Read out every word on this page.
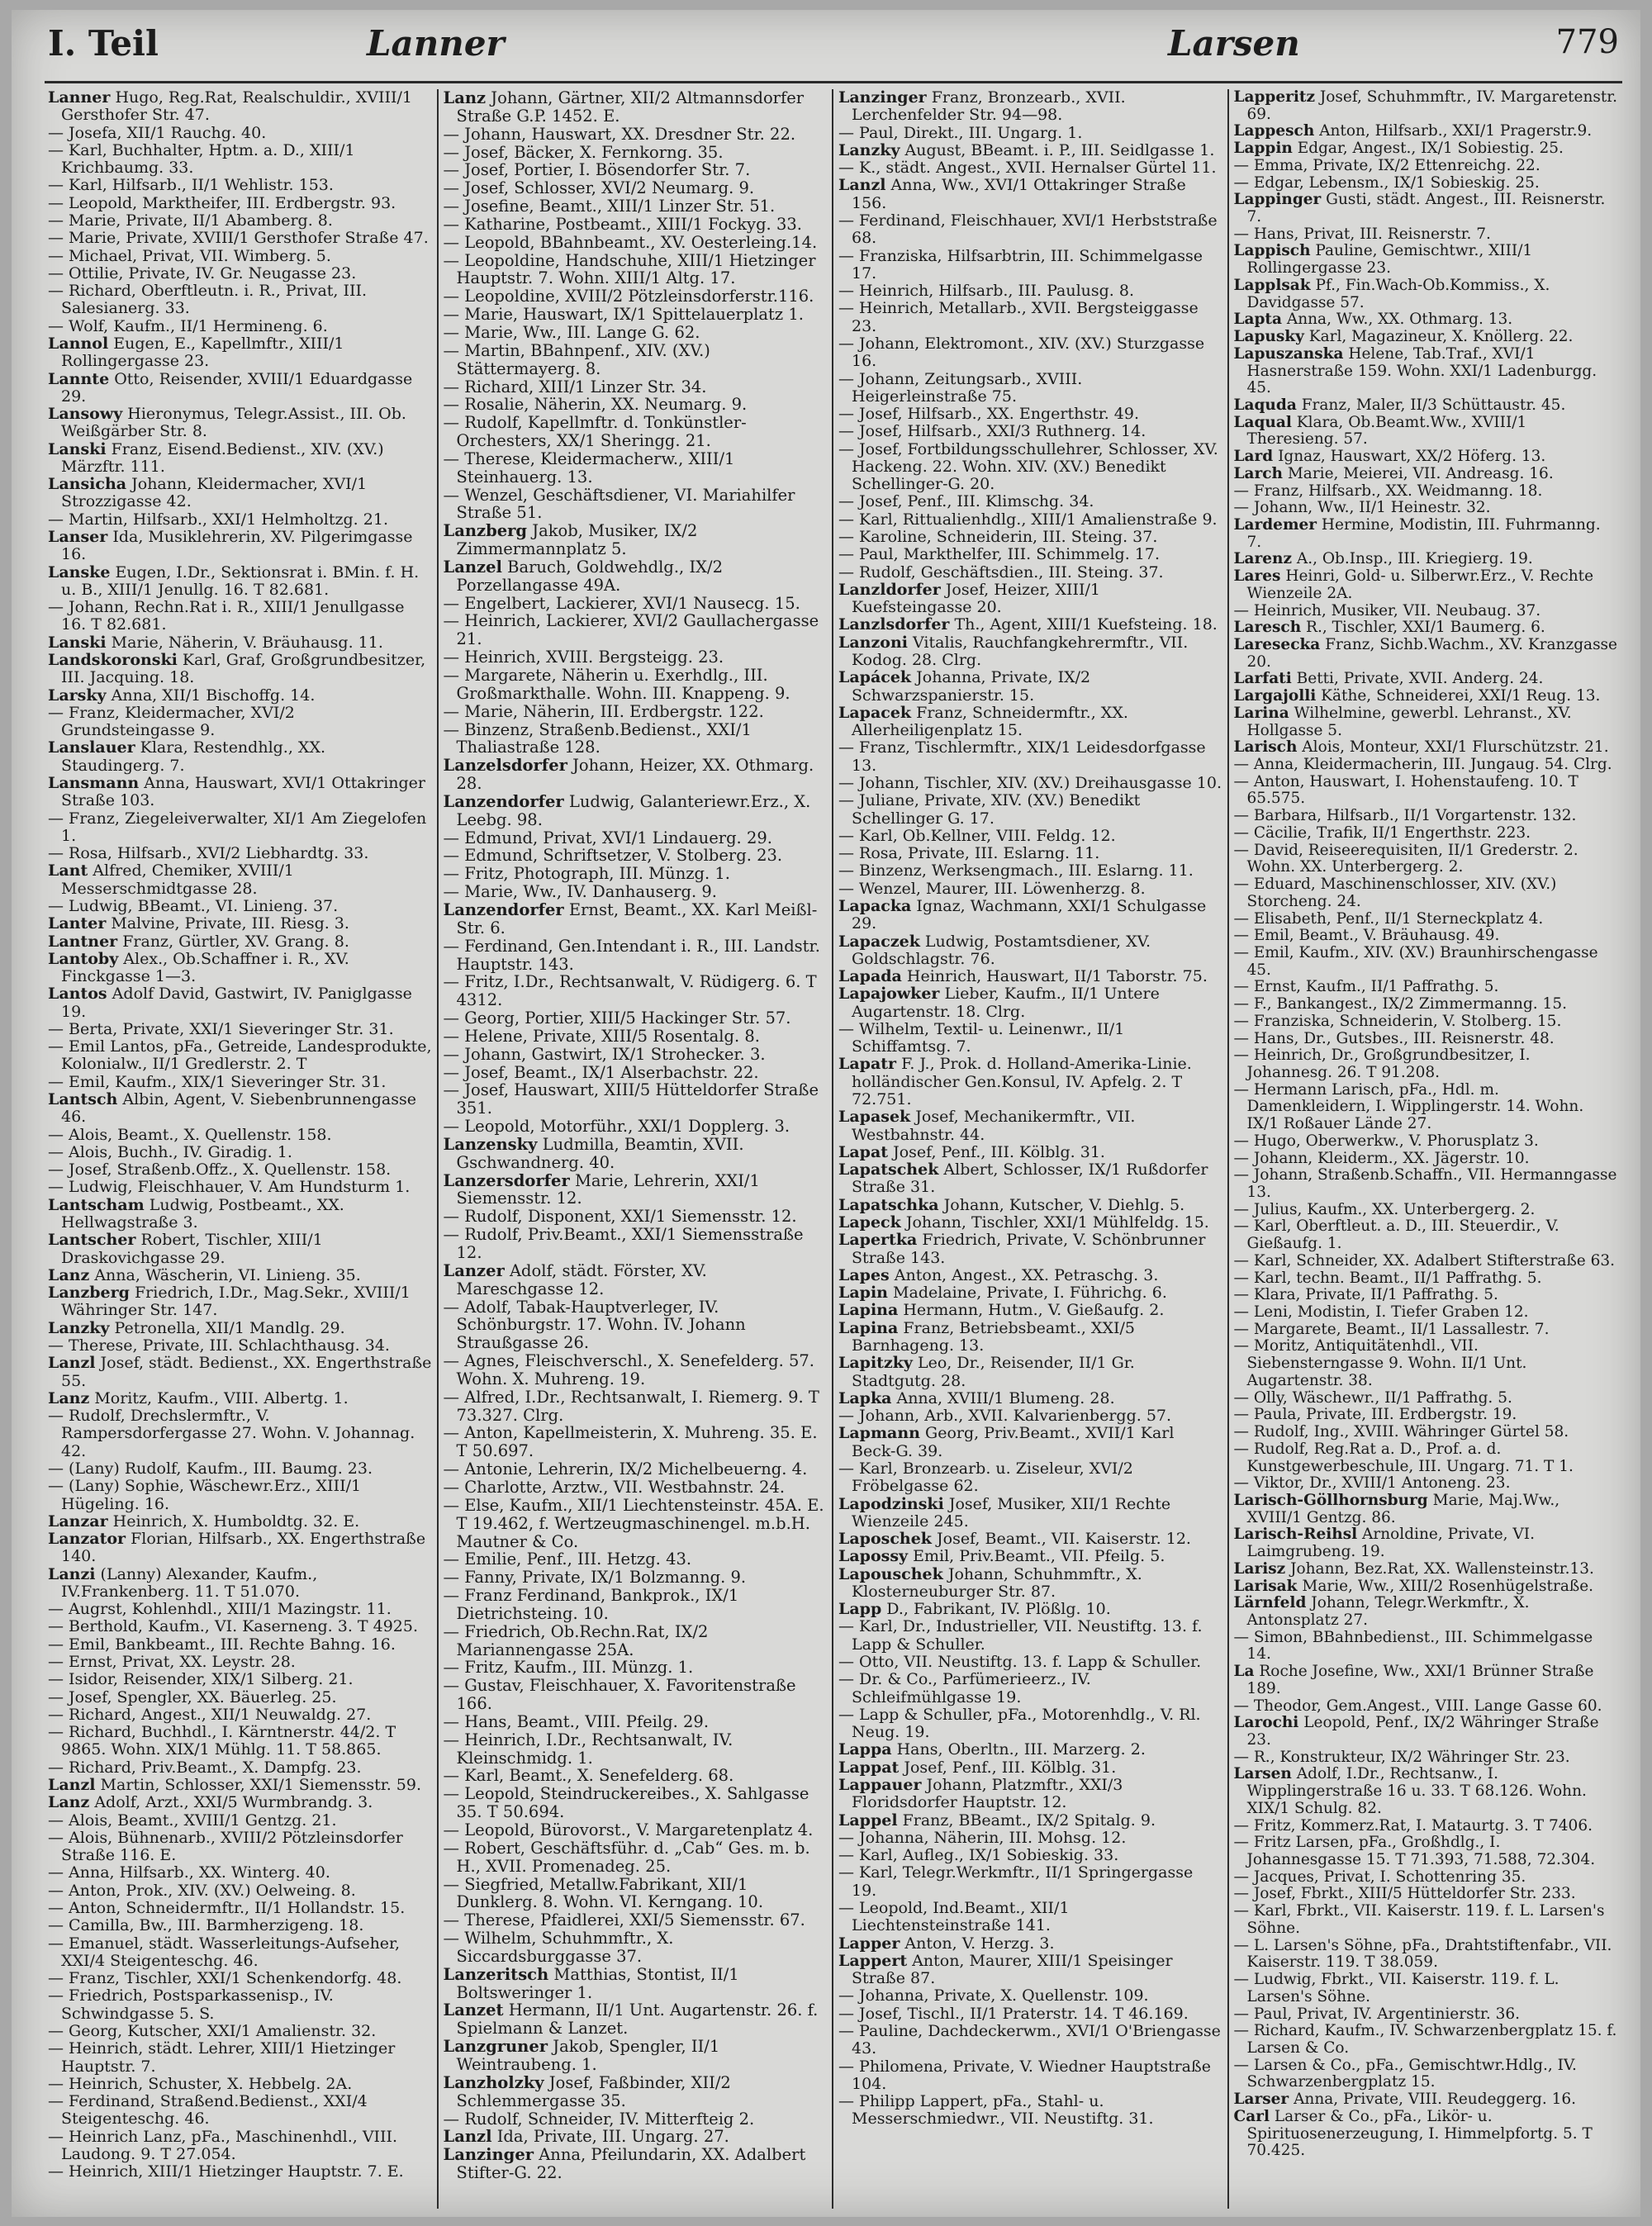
I. Teil	Lanner	Larsen	779

Lanner Hugo, Reg.Rat, Realschuldir., XVIII/1 Gersthofer Str. 47.

— Josefa, XII/1 Rauchg. 40.

— Karl, Buchhalter, Hptm. a. D., XIII/1 Krichbaumg. 33.

— Karl, Hilfsarb., II/1 Wehlistr. 153.

— Leopold, Marktheifer, III. Erdbergstr. 93.

— Marie, Private, II/1 Abamberg. 8.

— Marie, Private, XVIII/1 Gersthofer Straße 47.

— Michael, Privat, VII. Wimberg. 5.

— Ottilie, Private, IV. Gr. Neugasse 23.

— Richard, Oberftleutn. i. R., Privat, III. Salesianerg. 33.

— Wolf, Kaufm., II/1 Hermineng. 6.

Lannol Eugen, E., Kapellmftr., XIII/1 Rollingergasse 23.

Lannte Otto, Reisender, XVIII/1 Eduardgasse 29.

Lansowy Hieronymus, Telegr.Assist., III. Ob. Weißgärber Str. 8.

Lanski Franz, Eisend.Bedienst., XIV. (XV.) Märzftr. 111.

Lansicha Johann, Kleidermacher, XVI/1 Strozzigasse 42.

— Martin, Hilfsarb., XXI/1 Helmholtzg. 21.

Lanser Ida, Musiklehrerin, XV. Pilgerimgasse 16.

Lanske Eugen, I.Dr., Sektionsrat i. BMin. f. H. u. B., XIII/1 Jenullg. 16. T 82.681.

— Johann, Rechn.Rat i. R., XIII/1 Jenullgasse 16. T 82.681.

Lanski Marie, Näherin, V. Bräuhausg. 11.

Landskoronski Karl, Graf, Großgrundbesitzer, III. Jacquing. 18.

Larsky Anna, XII/1 Bischoffg. 14.

— Franz, Kleidermacher, XVI/2 Grundsteingasse 9.

Lanslauer Klara, Restendhlg., XX. Staudingerg. 7.

Lansmann Anna, Hauswart, XVI/1 Ottakringer Straße 103.

— Franz, Ziegeleiverwalter, XI/1 Am Ziegelofen 1.

— Rosa, Hilfsarb., XVI/2 Liebhardtg. 33.

Lant Alfred, Chemiker, XVIII/1 Messerschmidtgasse 28.

— Ludwig, BBeamt., VI. Linieng. 37.

Lanter Malvine, Private, III. Riesg. 3.

Lantner Franz, Gürtler, XV. Grang. 8.

Lantoby Alex., Ob.Schaffner i. R., XV. Finckgasse 1—3.

Lantos Adolf David, Gastwirt, IV. Paniglgasse 19.

— Berta, Private, XXI/1 Sieveringer Str. 31.

— Emil Lantos, pFa., Getreide, Landesprodukte, Kolonialw., II/1 Gredlerstr. 2. T

— Emil, Kaufm., XIX/1 Sieveringer Str. 31.

Lantsch Albin, Agent, V. Siebenbrunnengasse 46.

— Alois, Beamt., X. Quellenstr. 158.

— Alois, Buchh., IV. Giradig. 1.

— Josef, Straßenb.Offz., X. Quellenstr. 158.

— Ludwig, Fleischhauer, V. Am Hundsturm 1.

Lantscham Ludwig, Postbeamt., XX. Hellwagstraße 3.

Lantscher Robert, Tischler, XIII/1 Draskovichgasse 29.

Lanz Anna, Wäscherin, VI. Linieng. 35.

Lanzberg Friedrich, I.Dr., Mag.Sekr., XVIII/1 Währinger Str. 147.

Lanzky Petronella, XII/1 Mandlg. 29.

— Therese, Private, III. Schlachthausg. 34.

Lanzl Josef, städt. Bedienst., XX. Engerthstraße 55.

Lanz Moritz, Kaufm., VIII. Albertg. 1.

— Rudolf, Drechslermftr., V. Rampersdorfergasse 27. Wohn. V. Johannag. 42.

— (Lany) Rudolf, Kaufm., III. Baumg. 23.

— (Lany) Sophie, Wäschewr.Erz., XIII/1 Hügeling. 16.

Lanzar Heinrich, X. Humboldtg. 32. E.

Lanzator Florian, Hilfsarb., XX. Engerthstraße 140.

Lanzi (Lanny) Alexander, Kaufm., IV.Frankenberg. 11. T 51.070.

— Augrst, Kohlenhdl., XIII/1 Mazingstr. 11.

— Berthold, Kaufm., VI. Kaserneng. 3. T 4925.

— Emil, Bankbeamt., III. Rechte Bahng. 16.

— Ernst, Privat, XX. Leystr. 28.

— Isidor, Reisender, XIX/1 Silberg. 21.

— Josef, Spengler, XX. Bäuerleg. 25.

— Richard, Angest., XII/1 Neuwaldg. 27.

— Richard, Buchhdl., I. Kärntnerstr. 44/2. T 9865. Wohn. XIX/1 Mühlg. 11. T 58.865.

— Richard, Priv.Beamt., X. Dampfg. 23.

Lanzl Martin, Schlosser, XXI/1 Siemensstr. 59.

Lanz Adolf, Arzt., XXI/5 Wurmbrandg. 3.

— Alois, Beamt., XVIII/1 Gentzg. 21.

— Alois, Bühnenarb., XVIII/2 Pötzleinsdorfer Straße 116. E.

— Anna, Hilfsarb., XX. Winterg. 40.

— Anton, Prok., XIV. (XV.) Oelweing. 8.

— Anton, Schneidermftr., II/1 Hollandstr. 15.

— Camilla, Bw., III. Barmherzigeng. 18.

— Emanuel, städt. Wasserleitungs-Aufseher, XXI/4 Steigenteschg. 46.

— Franz, Tischler, XXI/1 Schenkendorfg. 48.

— Friedrich, Postsparkassenisp., IV. Schwindgasse 5. S.

— Georg, Kutscher, XXI/1 Amalienstr. 32.

— Heinrich, städt. Lehrer, XIII/1 Hietzinger Hauptstr. 7.

— Heinrich, Schuster, X. Hebbelg. 2A.

— Ferdinand, Straßend.Bedienst., XXI/4 Steigenteschg. 46.

— Heinrich Lanz, pFa., Maschinenhdl., VIII. Laudong. 9. T 27.054.

— Heinrich, XIII/1 Hietzinger Hauptstr. 7. E.

Lanz Johann, Gärtner, XII/2 Altmannsdorfer Straße G.P. 1452. E.

— Johann, Hauswart, XX. Dresdner Str. 22.

— Josef, Bäcker, X. Fernkorng. 35.

— Josef, Portier, I. Bösendorfer Str. 7.

— Josef, Schlosser, XVI/2 Neumarg. 9.

— Josefine, Beamt., XIII/1 Linzer Str. 51.

— Katharine, Postbeamt., XIII/1 Fockyg. 33.

— Leopold, BBahnbeamt., XV. Oesterleing.14.

— Leopoldine, Handschuhe, XIII/1 Hietzinger Hauptstr. 7. Wohn. XIII/1 Altg. 17.

— Leopoldine, XVIII/2 Pötzleinsdorferstr.116.

— Marie, Hauswart, IX/1 Spittelauerplatz 1.

— Marie, Ww., III. Lange G. 62.

— Martin, BBahnpenf., XIV. (XV.) Stättermayerg. 8.

— Richard, XIII/1 Linzer Str. 34.

— Rosalie, Näherin, XX. Neumarg. 9.

— Rudolf, Kapellmftr. d. Tonkünstler-Orchesters, XX/1 Sheringg. 21.

— Therese, Kleidermacherw., XIII/1 Steinhauerg. 13.

— Wenzel, Geschäftsdiener, VI. Mariahilfer Straße 51.

Lanzberg Jakob, Musiker, IX/2 Zimmermannplatz 5.

Lanzel Baruch, Goldwehdlg., IX/2 Porzellangasse 49A.

— Engelbert, Lackierer, XVI/1 Nausecg. 15.

— Heinrich, Lackierer, XVI/2 Gaullachergasse 21.

— Heinrich, XVIII. Bergsteigg. 23.

— Margarete, Näherin u. Exerhdlg., III. Großmarkthalle. Wohn. III. Knappeng. 9.

— Marie, Näherin, III. Erdbergstr. 122.

— Binzenz, Straßenb.Bedienst., XXI/1 Thaliastraße 128.

Lanzelsdorfer Johann, Heizer, XX. Othmarg. 28.

Lanzendorfer Ludwig, Galanteriewr.Erz., X. Leebg. 98.

— Edmund, Privat, XVI/1 Lindauerg. 29.

— Edmund, Schriftsetzer, V. Stolberg. 23.

— Fritz, Photograph, III. Münzg. 1.

— Marie, Ww., IV. Danhauserg. 9.

Lanzendorfer Ernst, Beamt., XX. Karl Meißl-Str. 6.

— Ferdinand, Gen.Intendant i. R., III. Landstr. Hauptstr. 143.

— Fritz, I.Dr., Rechtsanwalt, V. Rüdigerg. 6. T 4312.

— Georg, Portier, XIII/5 Hackinger Str. 57.

— Helene, Private, XIII/5 Rosentalg. 8.

— Johann, Gastwirt, IX/1 Strohecker. 3.

— Josef, Beamt., IX/1 Alserbachstr. 22.

— Josef, Hauswart, XIII/5 Hütteldorfer Straße 351.

— Leopold, Motorführ., XXI/1 Dopplerg. 3.

Lanzensky Ludmilla, Beamtin, XVII. Gschwandnerg. 40.

Lanzersdorfer Marie, Lehrerin, XXI/1 Siemensstr. 12.

— Rudolf, Disponent, XXI/1 Siemensstr. 12.

— Rudolf, Priv.Beamt., XXI/1 Siemensstraße 12.

Lanzer Adolf, städt. Förster, XV. Mareschgasse 12.

— Adolf, Tabak-Hauptverleger, IV. Schönburgstr. 17. Wohn. IV. Johann Straußgasse 26.

— Agnes, Fleischverschl., X. Senefelderg. 57. Wohn. X. Muhreng. 19.

— Alfred, I.Dr., Rechtsanwalt, I. Riemerg. 9. T 73.327. Clrg.

— Anton, Kapellmeisterin, X. Muhreng. 35. E. T 50.697.

— Antonie, Lehrerin, IX/2 Michelbeuerng. 4.

— Charlotte, Arztw., VII. Westbahnstr. 24.

— Else, Kaufm., XII/1 Liechtensteinstr. 45A. E. T 19.462, f. Wertzeugmaschinengel. m.b.H. Mautner & Co.

— Emilie, Penf., III. Hetzg. 43.

— Fanny, Private, IX/1 Bolzmanng. 9.

— Franz Ferdinand, Bankprok., IX/1 Dietrichsteing. 10.

— Friedrich, Ob.Rechn.Rat, IX/2 Mariannengasse 25A.

— Fritz, Kaufm., III. Münzg. 1.

— Gustav, Fleischhauer, X. Favoritenstraße 166.

— Hans, Beamt., VIII. Pfeilg. 29.

— Heinrich, I.Dr., Rechtsanwalt, IV. Kleinschmidg. 1.

— Karl, Beamt., X. Senefelderg. 68.

— Leopold, Steindruckereibes., X. Sahlgasse 35. T 50.694.

— Leopold, Bürovorst., V. Margaretenplatz 4.

— Robert, Geschäftsführ. d. „Cab“ Ges. m. b. H., XVII. Promenadeg. 25.

— Siegfried, Metallw.Fabrikant, XII/1 Dunklerg. 8. Wohn. VI. Kerngang. 10.

— Therese, Pfaidlerei, XXI/5 Siemensstr. 67.

— Wilhelm, Schuhmmftr., X. Siccardsburggasse 37.

Lanzeritsch Matthias, Stontist, II/1 Boltsweringer 1.

Lanzet Hermann, II/1 Unt. Augartenstr. 26. f. Spielmann & Lanzet.

Lanzgruner Jakob, Spengler, II/1 Weintraubeng. 1.

Lanzholzky Josef, Faßbinder, XII/2 Schlemmergasse 35.

— Rudolf, Schneider, IV. Mitterfteig 2.

Lanzl Ida, Private, III. Ungarg. 27.

Lanzinger Anna, Pfeilundarin, XX. Adalbert Stifter-G. 22.

Lanzinger Franz, Bronzearb., XVII. Lerchenfelder Str. 94—98.

— Paul, Direkt., III. Ungarg. 1.

Lanzky August, BBeamt. i. P., III. Seidlgasse 1.

— K., städt. Angest., XVII. Hernalser Gürtel 11.

Lanzl Anna, Ww., XVI/1 Ottakringer Straße 156.

— Ferdinand, Fleischhauer, XVI/1 Herbststraße 68.

— Franziska, Hilfsarbtrin, III. Schimmelgasse 17.

— Heinrich, Hilfsarb., III. Paulusg. 8.

— Heinrich, Metallarb., XVII. Bergsteiggasse 23.

— Johann, Elektromont., XIV. (XV.) Sturzgasse 16.

— Johann, Zeitungsarb., XVIII. Heigerleinstraße 75.

— Josef, Hilfsarb., XX. Engerthstr. 49.

— Josef, Hilfsarb., XXI/3 Ruthnerg. 14.

— Josef, Fortbildungsschullehrer, Schlosser, XV. Hackeng. 22. Wohn. XIV. (XV.) Benedikt Schellinger-G. 20.

— Josef, Penf., III. Klimschg. 34.

— Karl, Rittualienhdlg., XIII/1 Amalienstraße 9.

— Karoline, Schneiderin, III. Steing. 37.

— Paul, Markthelfer, III. Schimmelg. 17.

— Rudolf, Geschäftsdien., III. Steing. 37.

Lanzldorfer Josef, Heizer, XIII/1 Kuefsteingasse 20.

Lanzlsdorfer Th., Agent, XIII/1 Kuefsteing. 18.

Lanzoni Vitalis, Rauchfangkehrermftr., VII. Kodog. 28. Clrg.

Lapácek Johanna, Private, IX/2 Schwarzspanierstr. 15.

Lapacek Franz, Schneidermftr., XX. Allerheiligenplatz 15.

— Franz, Tischlermftr., XIX/1 Leidesdorfgasse 13.

— Johann, Tischler, XIV. (XV.) Dreihausgasse 10.

— Juliane, Private, XIV. (XV.) Benedikt Schellinger G. 17.

— Karl, Ob.Kellner, VIII. Feldg. 12.

— Rosa, Private, III. Eslarng. 11.

— Binzenz, Werksengmach., III. Eslarng. 11.

— Wenzel, Maurer, III. Löwenherzg. 8.

Lapacka Ignaz, Wachmann, XXI/1 Schulgasse 29.

Lapaczek Ludwig, Postamtsdiener, XV. Goldschlagstr. 76.

Lapada Heinrich, Hauswart, II/1 Taborstr. 75.

Lapajowker Lieber, Kaufm., II/1 Untere Augartenstr. 18. Clrg.

— Wilhelm, Textil- u. Leinenwr., II/1 Schiffamtsg. 7.

Lapatr F. J., Prok. d. Holland-Amerika-Linie. holländischer Gen.Konsul, IV. Apfelg. 2. T 72.751.

Lapasek Josef, Mechanikermftr., VII. Westbahnstr. 44.

Lapat Josef, Penf., III. Kölblg. 31.

Lapatschek Albert, Schlosser, IX/1 Rußdorfer Straße 31.

Lapatschka Johann, Kutscher, V. Diehlg. 5.

Lapeck Johann, Tischler, XXI/1 Mühlfeldg. 15.

Lapertka Friedrich, Private, V. Schönbrunner Straße 143.

Lapes Anton, Angest., XX. Petraschg. 3.

Lapin Madelaine, Private, I. Führichg. 6.

Lapina Hermann, Hutm., V. Gießaufg. 2.

Lapina Franz, Betriebsbeamt., XXI/5 Barnhageng. 13.

Lapitzky Leo, Dr., Reisender, II/1 Gr. Stadtgutg. 28.

Lapka Anna, XVIII/1 Blumeng. 28.

— Johann, Arb., XVII. Kalvarienbergg. 57.

Lapmann Georg, Priv.Beamt., XVII/1 Karl Beck-G. 39.

— Karl, Bronzearb. u. Ziseleur, XVI/2 Fröbelgasse 62.

Lapodzinski Josef, Musiker, XII/1 Rechte Wienzeile 245.

Laposchek Josef, Beamt., VII. Kaiserstr. 12.

Lapossy Emil, Priv.Beamt., VII. Pfeilg. 5.

Lapouschek Johann, Schuhmmftr., X. Klosterneuburger Str. 87.

Lapp D., Fabrikant, IV. Plößlg. 10.

— Karl, Dr., Industrieller, VII. Neustiftg. 13. f. Lapp & Schuller.

— Otto, VII. Neustiftg. 13. f. Lapp & Schuller.

— Dr. & Co., Parfümerieerz., IV. Schleifmühlgasse 19.

— Lapp & Schuller, pFa., Motorenhdlg., V. Rl. Neug. 19.

Lappa Hans, Oberltn., III. Marzerg. 2.

Lappat Josef, Penf., III. Kölblg. 31.

Lappauer Johann, Platzmftr., XXI/3 Floridsdorfer Hauptstr. 12.

Lappel Franz, BBeamt., IX/2 Spitalg. 9.

— Johanna, Näherin, III. Mohsg. 12.

— Karl, Aufleg., IX/1 Sobieskig. 33.

— Karl, Telegr.Werkmftr., II/1 Springergasse 19.

— Leopold, Ind.Beamt., XII/1 Liechtensteinstraße 141.

Lapper Anton, V. Herzg. 3.

Lappert Anton, Maurer, XIII/1 Speisinger Straße 87.

— Johanna, Private, X. Quellenstr. 109.

— Josef, Tischl., II/1 Praterstr. 14. T 46.169.

— Pauline, Dachdeckerwm., XVI/1 O'Briengasse 43.

— Philomena, Private, V. Wiedner Hauptstraße 104.

— Philipp Lappert, pFa., Stahl- u. Messerschmiedwr., VII. Neustiftg. 31.

Lapperitz Josef, Schuhmmftr., IV. Margaretenstr. 69.

Lappesch Anton, Hilfsarb., XXI/1 Pragerstr.9.

Lappin Edgar, Angest., IX/1 Sobiestig. 25.

— Emma, Private, IX/2 Ettenreichg. 22.

— Edgar, Lebensm., IX/1 Sobieskig. 25.

Lappinger Gusti, städt. Angest., III. Reisnerstr. 7.

— Hans, Privat, III. Reisnerstr. 7.

Lappisch Pauline, Gemischtwr., XIII/1 Rollingergasse 23.

Lapplsak Pf., Fin.Wach-Ob.Kommiss., X. Davidgasse 57.

Lapta Anna, Ww., XX. Othmarg. 13.

Lapusky Karl, Magazineur, X. Knöllerg. 22.

Lapuszanska Helene, Tab.Traf., XVI/1 Hasnerstraße 159. Wohn. XXI/1 Ladenburgg. 45.

Laquda Franz, Maler, II/3 Schüttaustr. 45.

Laqual Klara, Ob.Beamt.Ww., XVIII/1 Theresieng. 57.

Lard Ignaz, Hauswart, XX/2 Höferg. 13.

Larch Marie, Meierei, VII. Andreasg. 16.

— Franz, Hilfsarb., XX. Weidmanng. 18.

— Johann, Ww., II/1 Heinestr. 32.

Lardemer Hermine, Modistin, III. Fuhrmanng. 7.

Larenz A., Ob.Insp., III. Kriegierg. 19.

Lares Heinri, Gold- u. Silberwr.Erz., V. Rechte Wienzeile 2A.

— Heinrich, Musiker, VII. Neubaug. 37.

Laresch R., Tischler, XXI/1 Baumerg. 6.

Laresecka Franz, Sichb.Wachm., XV. Kranzgasse 20.

Larfati Betti, Private, XVII. Anderg. 24.

Largajolli Käthe, Schneiderei, XXI/1 Reug. 13.

Larina Wilhelmine, gewerbl. Lehranst., XV. Hollgasse 5.

Larisch Alois, Monteur, XXI/1 Flurschützstr. 21.

— Anna, Kleidermacherin, III. Jungaug. 54. Clrg.

— Anton, Hauswart, I. Hohenstaufeng. 10. T 65.575.

— Barbara, Hilfsarb., II/1 Vorgartenstr. 132.

— Cäcilie, Trafik, II/1 Engerthstr. 223.

— David, Reiseerequisiten, II/1 Grederstr. 2. Wohn. XX. Unterbergerg. 2.

— Eduard, Maschinenschlosser, XIV. (XV.) Storcheng. 24.

— Elisabeth, Penf., II/1 Sterneckplatz 4.

— Emil, Beamt., V. Bräuhausg. 49.

— Emil, Kaufm., XIV. (XV.) Braunhirschengasse 45.

— Ernst, Kaufm., II/1 Paffrathg. 5.

— F., Bankangest., IX/2 Zimmermanng. 15.

— Franziska, Schneiderin, V. Stolberg. 15.

— Hans, Dr., Gutsbes., III. Reisnerstr. 48.

— Heinrich, Dr., Großgrundbesitzer, I. Johannesg. 26. T 91.208.

— Hermann Larisch, pFa., Hdl. m. Damenkleidern, I. Wipplingerstr. 14. Wohn. IX/1 Roßauer Lände 27.

— Hugo, Oberwerkw., V. Phorusplatz 3.

— Johann, Kleiderm., XX. Jägerstr. 10.

— Johann, Straßenb.Schaffn., VII. Hermanngasse 13.

— Julius, Kaufm., XX. Unterbergerg. 2.

— Karl, Oberftleut. a. D., III. Steuerdir., V. Gießaufg. 1.

— Karl, Schneider, XX. Adalbert Stifterstraße 63.

— Karl, techn. Beamt., II/1 Paffrathg. 5.

— Klara, Private, II/1 Paffrathg. 5.

— Leni, Modistin, I. Tiefer Graben 12.

— Margarete, Beamt., II/1 Lassallestr. 7.

— Moritz, Antiquitätenhdl., VII. Siebensterngasse 9. Wohn. II/1 Unt. Augartenstr. 38.

— Olly, Wäschewr., II/1 Paffrathg. 5.

— Paula, Private, III. Erdbergstr. 19.

— Rudolf, Ing., XVIII. Währinger Gürtel 58.

— Rudolf, Reg.Rat a. D., Prof. a. d. Kunstgewerbeschule, III. Ungarg. 71. T 1.

— Viktor, Dr., XVIII/1 Antoneng. 23.

Larisch-Göllhornsburg Marie, Maj.Ww., XVIII/1 Gentzg. 86.

Larisch-Reihsl Arnoldine, Private, VI. Laimgrubeng. 19.

Larisz Johann, Bez.Rat, XX. Wallensteinstr.13.

Larisak Marie, Ww., XIII/2 Rosenhügelstraße.

Lärnfeld Johann, Telegr.Werkmftr., X. Antonsplatz 27.

— Simon, BBahnbedienst., III. Schimmelgasse 14.

La Roche Josefine, Ww., XXI/1 Brünner Straße 189.

— Theodor, Gem.Angest., VIII. Lange Gasse 60.

Larochi Leopold, Penf., IX/2 Währinger Straße 23.

— R., Konstrukteur, IX/2 Währinger Str. 23.

Larsen Adolf, I.Dr., Rechtsanw., I. Wipplingerstraße 16 u. 33. T 68.126. Wohn. XIX/1 Schulg. 82.

— Fritz, Kommerz.Rat, I. Mataurtg. 3. T 7406.

— Fritz Larsen, pFa., Großhdlg., I. Johannesgasse 15. T 71.393, 71.588, 72.304.

— Jacques, Privat, I. Schottenring 35.

— Josef, Fbrkt., XIII/5 Hütteldorfer Str. 233.

— Karl, Fbrkt., VII. Kaiserstr. 119. f. L. Larsen's Söhne.

— L. Larsen's Söhne, pFa., Drahtstiftenfabr., VII. Kaiserstr. 119. T 38.059.

— Ludwig, Fbrkt., VII. Kaiserstr. 119. f. L. Larsen's Söhne.

— Paul, Privat, IV. Argentinierstr. 36.

— Richard, Kaufm., IV. Schwarzenbergplatz 15. f. Larsen & Co.

— Larsen & Co., pFa., Gemischtwr.Hdlg., IV. Schwarzenbergplatz 15.

Larser Anna, Private, VIII. Reudeggerg. 16.

Carl Larser & Co., pFa., Likör- u. Spirituosenerzeugung, I. Himmelpfortg. 5. T 70.425.
